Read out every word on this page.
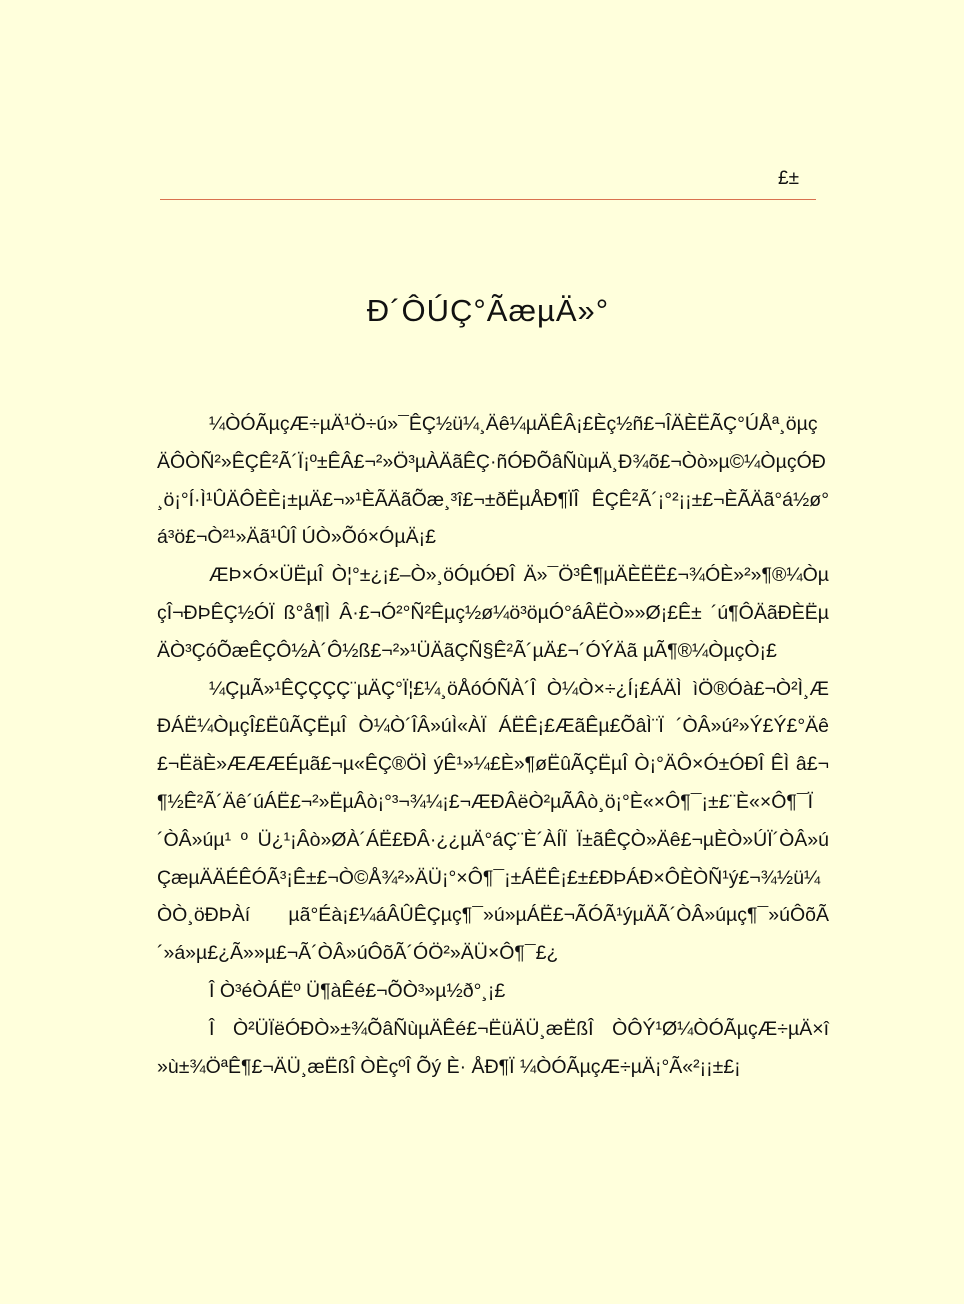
£±
Ð´ÔÚÇ°ÃæµÄ»°

¼ÒÓÃµçÆ÷µÄ¹Ö÷ú»¯ÊÇ½ü¼¸Äê¼µÄÊÂ¡£Èç½ñ£¬ÎÄÈËÃÇ°ÚÅª¸öµçÄÔÒÑ²»ÊÇÊ²Ã´Ï¡º±ÊÂ£¬²»Ö³µÀÄãÊÇ·ñÓÐÕâÑùµÄ¸Ð¾õ£¬Òò»µ©¼ÒµçÓÐ¸ö¡°Í·Ì¹ÛÄÔÈÈ¡±µÄ£¬»¹ÈÃÄãÕæ¸³î£¬±ðËµÅÐ¶ÏÎ ÊÇÊ²Ã´¡°²¡¡±£¬ÈÃÄã°á½ø°á³ö£¬Ò²¹»Äã¹ÛÎ ÚÒ»Õó×ÓµÄ¡£

ÆÞ×Ó×ÜËµÎ Ò¦°±¿¡£–Ò»¸öÓµÓÐÎ Ä»¯Ö³Ê¶µÄÈËË£¬¾ÓÈ»²»¶®¼ÒµçÎ¬ÐÞÊÇ½ÓÏ ß°å¶Ì Â·£¬Ó²°Ñ²Êµç½ø¼ö³öµÓ°áÂËÒ»»Ø¡£Ê± ´ú¶ÔÄãÐÈËµÄÒ³ÇóÕæÊÇÔ½À´Ô½ß£¬²»¹ÜÄãÇÑ§Ê²Ã´µÄ£¬´ÓÝÄã µÃ¶®¼ÒµçÒ¡£

¼ÇµÃ»¹ÊÇÇÇÇ¨µÄÇ°Ï¦£¼¸öÅóÓÑÀ´Î Ò¼Ò×÷¿Í¡£ÁÄÌ ìÖ®Óà£¬Ò²Ì¸ÆÐÁË¼ÒµçÎ£ËûÃÇËµÎ Ò¼Ò´ÎÂ»úÌ«ÀÏ ÁËÊ¡£ÆãÊµ£ÕâÌ¨Ï ´ÒÂ»ú²»Ý£Ý£°Äê£¬ËäÈ»ÆÆÆÉµã£¬µ«ÊÇ®ÖÌ ýÊ¹»¼£È»¶øËûÃÇËµÎ Ò¡°ÄÔ×Ó±ÓÐÎ ÊÌ â£¬¶½Ê²Ã´Äê´úÁË£¬²»ËµÂò¡°³¬¾¼¡£¬ÆÐÂëÒ²µÃÂò¸ö¡°È«×Ô¶¯¡±£¨È«×Ô¶¯Ï ´ÒÂ»úµ¹ º Ü¿¹¡Âò»ØÀ´ÁË£ÐÂ·¿¿µÄ°áÇ¨È´ÀÍÏ Ï±ãÊÇÒ»Äê£¬µÈÒ»ÚÏ´ÒÂ»úÇæµÄÄÉÊÓÃ³¡Ê±£¬Ò©Å¾²»ÄÜ¡°×Ô¶¯¡±ÁËÊ¡£±£ÐÞÁÐ×ÔÈÒÑ¹ý£¬¾½ü¼ÒÒ¸öÐÞÀí µã°Éà¡£¼áÂÛÊÇµç¶¯»ú»µÁË£¬ÃÓÃ¹ýµÄÃ´ÒÂ»úµç¶¯»úÔõÃ´»á»µ£¿Ã»»µ£¬Ã´ÒÂ»úÔõÃ´ÓÖ²»ÄÜ×Ô¶¯£¿

Î Ò³éÒÁËº Ü¶àÊé£¬ÕÒ³»µ½ð°¸¡£

Î Ò²ÜÏëÓÐÒ»±¾ÕâÑùµÄÊé£¬ËüÄÜ¸æËßÎ ÒÔÝ¹Ø¼ÒÓÃµçÆ÷µÄ×î »ù±¾ÖªÊ¶£¬ÄÜ¸æËßÎ ÒÈçºÎ Õý È· ÅÐ¶Ï ¼ÒÓÃµçÆ÷µÄ¡°Ã«²¡¡±£¡
